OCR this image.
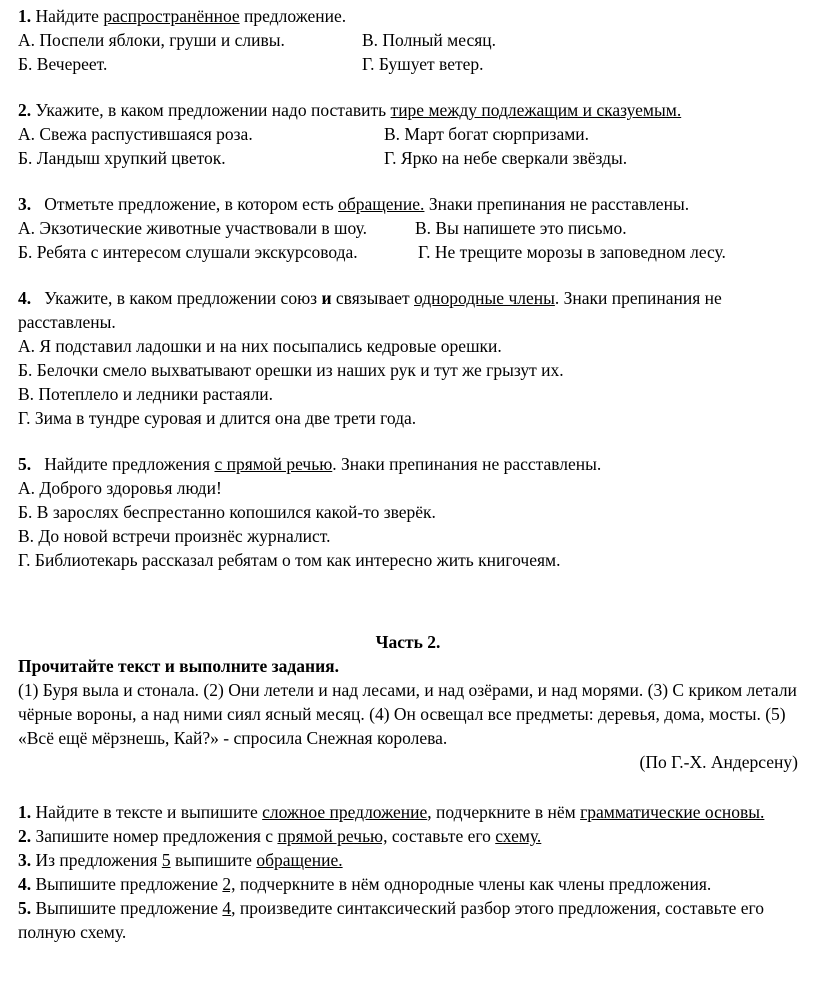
1. Найдите распространённое предложение.
А. Поспели яблоки, груши и сливы.	В. Полный месяц.
Б. Вечереет.	Г. Бушует ветер.
2. Укажите, в каком предложении надо поставить тире между подлежащим и сказуемым.
А. Свежа распустившаяся роза.	В. Март богат сюрпризами.
Б. Ландыш хрупкий цветок.	Г. Ярко на небе сверкали звёзды.
3.   Отметьте предложение, в котором есть обращение. Знаки препинания не расставлены.
А. Экзотические животные участвовали в шоу.	В. Вы напишете это письмо.
Б. Ребята с интересом слушали экскурсовода.	Г. Не трещите морозы в заповедном лесу.
4.   Укажите, в каком предложении союз и связывает однородные члены. Знаки препинания не расставлены.
А. Я подставил ладошки и на них посыпались кедровые орешки.
Б. Белочки смело выхватывают орешки из наших рук и тут же грызут их.
В. Потеплело и ледники растаяли.
Г. Зима в тундре суровая и длится она две трети года.
5.   Найдите предложения с прямой речью. Знаки препинания не расставлены.
А. Доброго здоровья люди!
Б. В зарослях беспрестанно копошился какой-то зверёк.
В. До новой встречи произнёс журналист.
Г. Библиотекарь рассказал ребятам о том как интересно жить книгочеям.
Часть 2.
Прочитайте текст и выполните задания.
(1) Буря выла и стонала. (2) Они летели и над лесами, и над озёрами, и над морями. (3) С криком летали чёрные вороны, а над ними сиял ясный месяц. (4) Он освещал все предметы: деревья, дома, мосты. (5) «Всё ещё мёрзнешь, Кай?» - спросила Снежная королева.
(По Г.-Х. Андерсену)
1. Найдите в тексте и выпишите сложное предложение, подчеркните в нём грамматические основы.
2. Запишите номер предложения с прямой речью, составьте его схему.
3. Из предложения 5 выпишите обращение.
4. Выпишите предложение 2, подчеркните в нём однородные члены как члены предложения.
5. Выпишите предложение 4, произведите синтаксический разбор этого предложения, составьте его полную схему.
